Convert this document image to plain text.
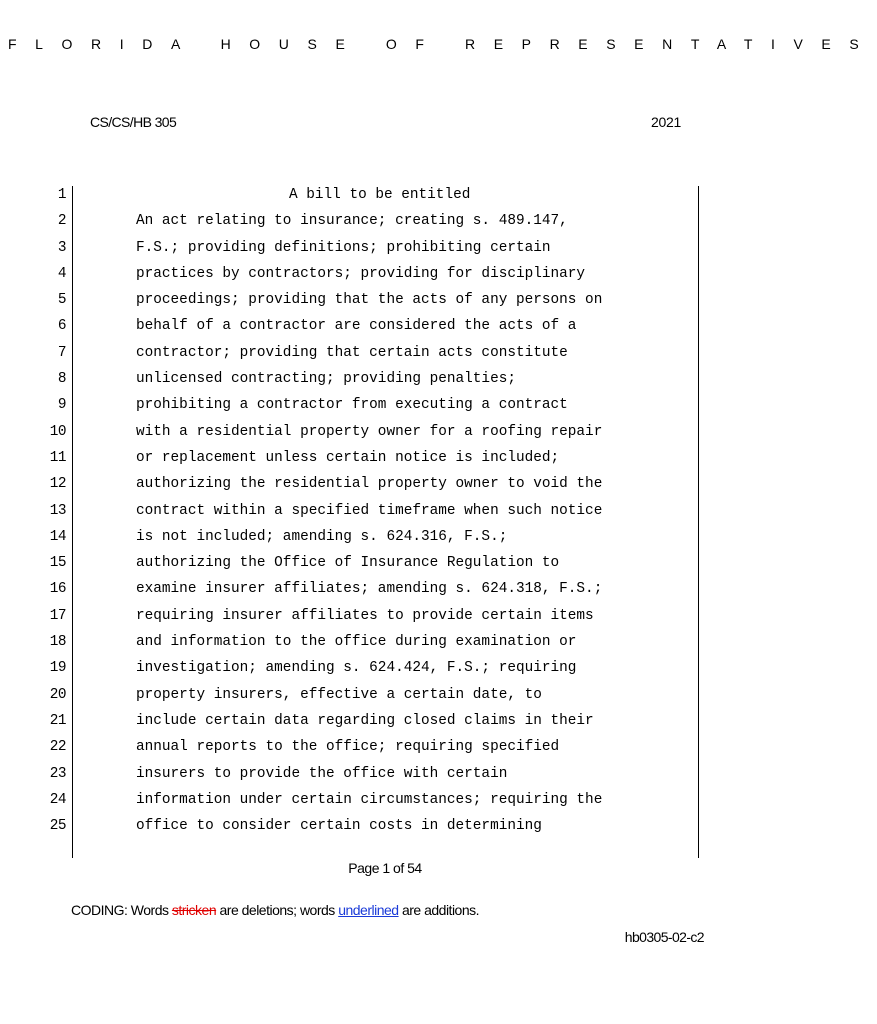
FLORIDA HOUSE OF REPRESENTATIVES
CS/CS/HB 305	2021
1	A bill to be entitled
2	An act relating to insurance; creating s. 489.147,
3	F.S.; providing definitions; prohibiting certain
4	practices by contractors; providing for disciplinary
5	proceedings; providing that the acts of any persons on
6	behalf of a contractor are considered the acts of a
7	contractor; providing that certain acts constitute
8	unlicensed contracting; providing penalties;
9	prohibiting a contractor from executing a contract
10	with a residential property owner for a roofing repair
11	or replacement unless certain notice is included;
12	authorizing the residential property owner to void the
13	contract within a specified timeframe when such notice
14	is not included; amending s. 624.316, F.S.;
15	authorizing the Office of Insurance Regulation to
16	examine insurer affiliates; amending s. 624.318, F.S.;
17	requiring insurer affiliates to provide certain items
18	and information to the office during examination or
19	investigation; amending s. 624.424, F.S.; requiring
20	property insurers, effective a certain date, to
21	include certain data regarding closed claims in their
22	annual reports to the office; requiring specified
23	insurers to provide the office with certain
24	information under certain circumstances; requiring the
25	office to consider certain costs in determining
Page 1 of 54
CODING: Words stricken are deletions; words underlined are additions.
hb0305-02-c2
